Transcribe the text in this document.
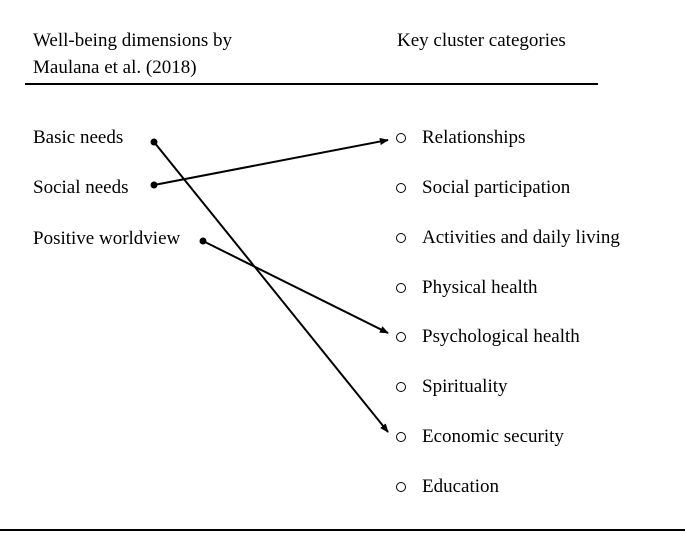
Well-being dimensions by
Maulana et al. (2018)
Key cluster categories
Basic needs
Social needs
Positive worldview
Relationships
Social participation
Activities and daily living
Physical health
Psychological health
Spirituality
Economic security
Education
